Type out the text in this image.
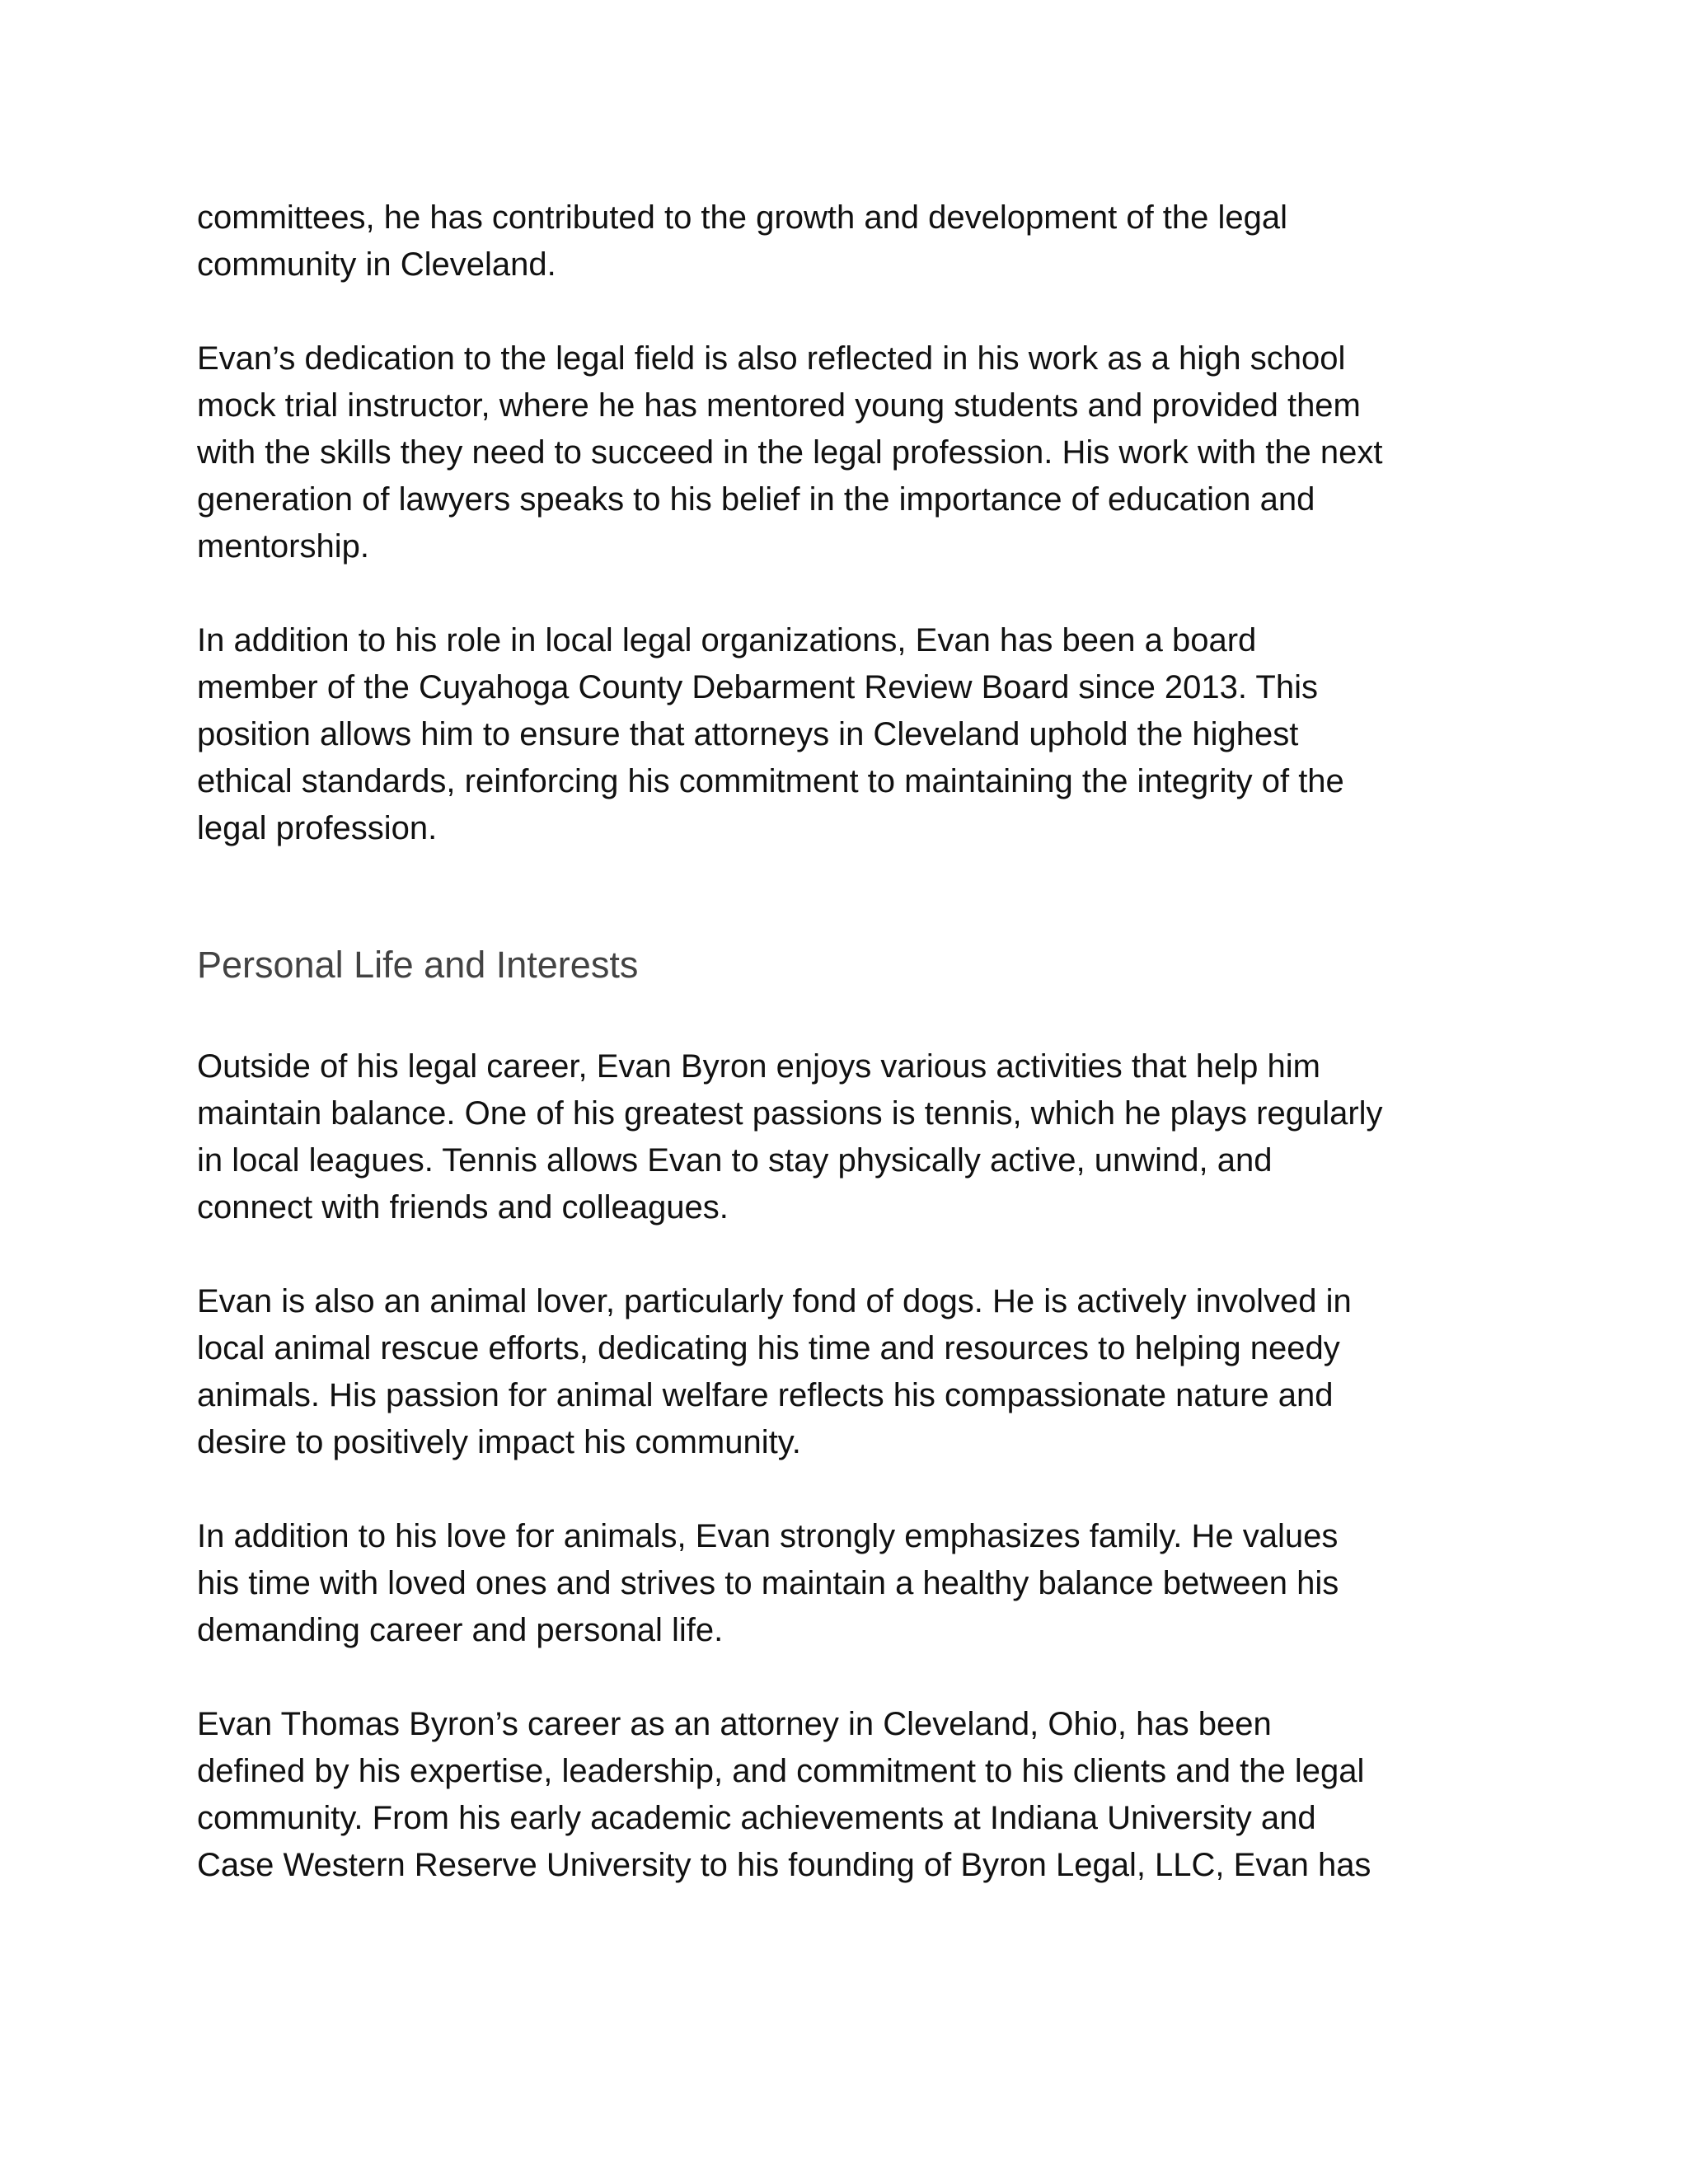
committees, he has contributed to the growth and development of the legal
community in Cleveland.

Evan’s dedication to the legal field is also reflected in his work as a high school
mock trial instructor, where he has mentored young students and provided them
with the skills they need to succeed in the legal profession. His work with the next
generation of lawyers speaks to his belief in the importance of education and
mentorship.

In addition to his role in local legal organizations, Evan has been a board
member of the Cuyahoga County Debarment Review Board since 2013. This
position allows him to ensure that attorneys in Cleveland uphold the highest
ethical standards, reinforcing his commitment to maintaining the integrity of the
legal profession.

Personal Life and Interests

Outside of his legal career, Evan Byron enjoys various activities that help him
maintain balance. One of his greatest passions is tennis, which he plays regularly
in local leagues. Tennis allows Evan to stay physically active, unwind, and
connect with friends and colleagues.

Evan is also an animal lover, particularly fond of dogs. He is actively involved in
local animal rescue efforts, dedicating his time and resources to helping needy
animals. His passion for animal welfare reflects his compassionate nature and
desire to positively impact his community.

In addition to his love for animals, Evan strongly emphasizes family. He values
his time with loved ones and strives to maintain a healthy balance between his
demanding career and personal life.

Evan Thomas Byron’s career as an attorney in Cleveland, Ohio, has been
defined by his expertise, leadership, and commitment to his clients and the legal
community. From his early academic achievements at Indiana University and
Case Western Reserve University to his founding of Byron Legal, LLC, Evan has
